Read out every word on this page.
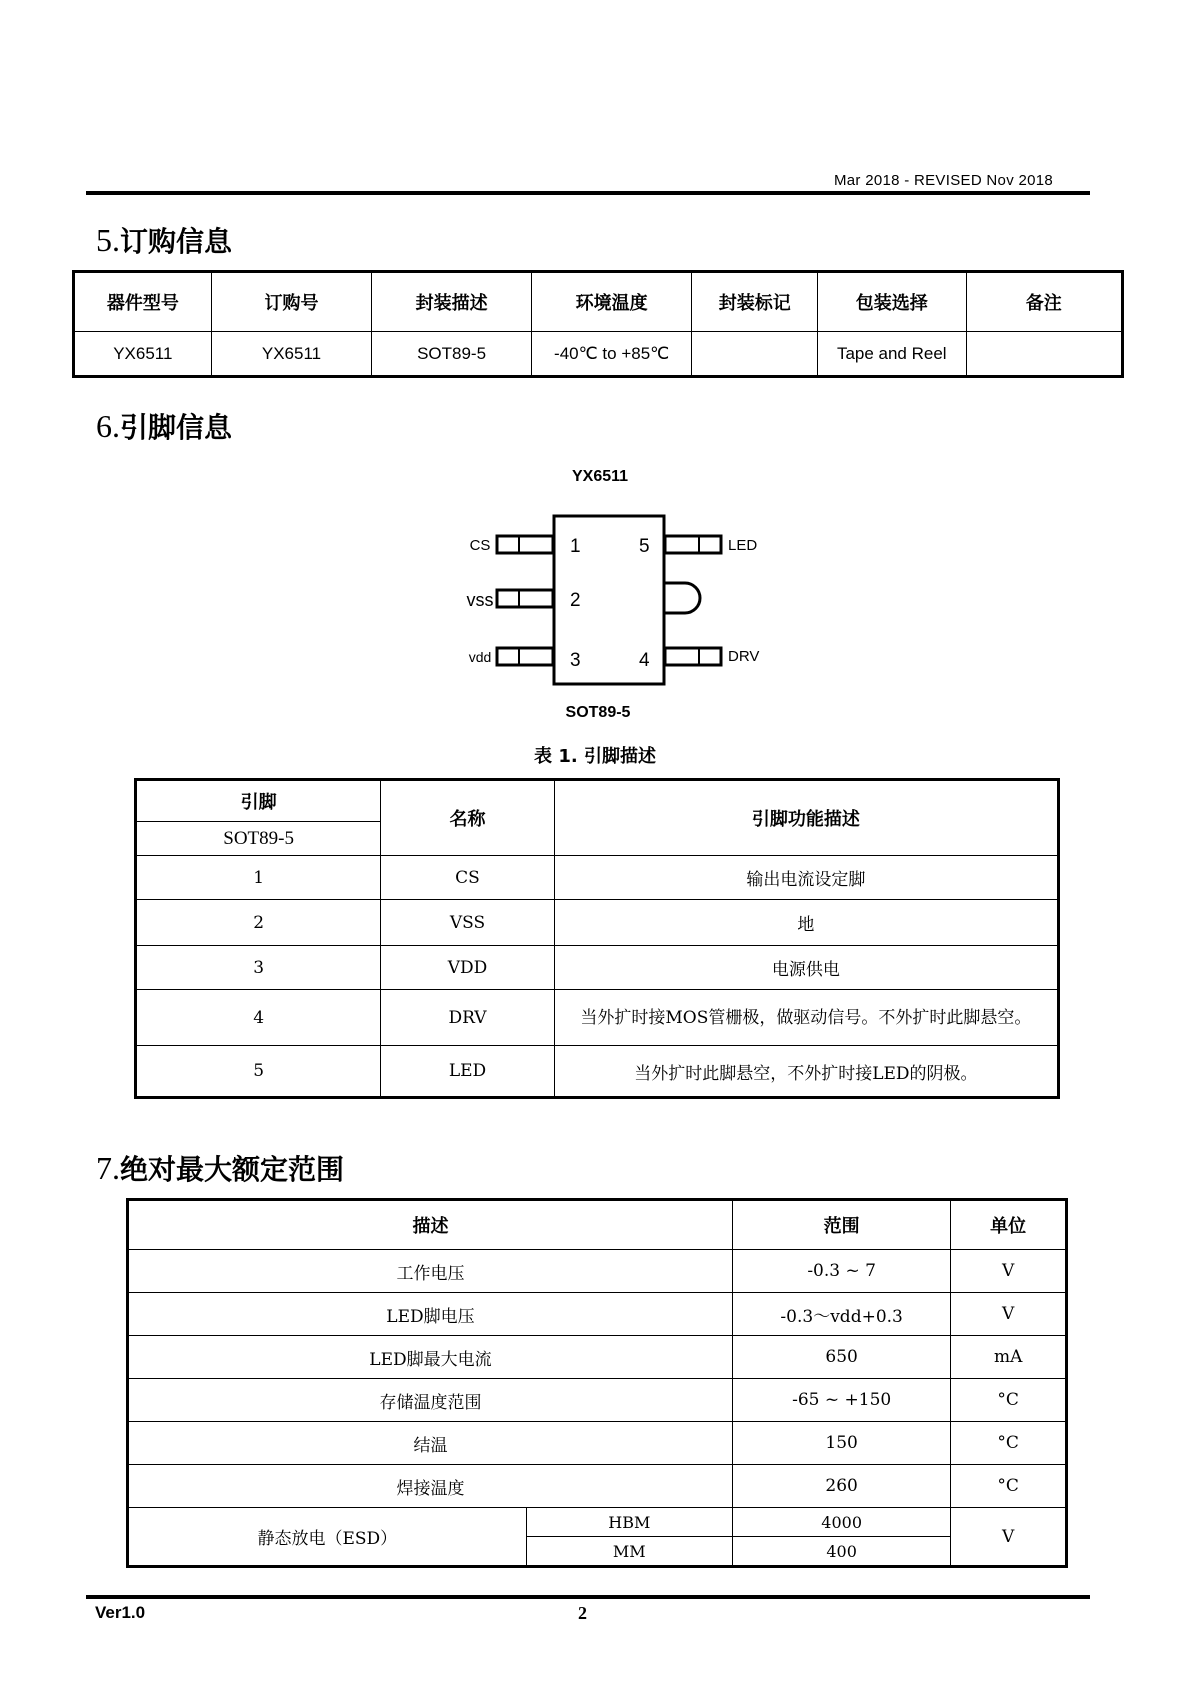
Mar 2018 - REVISED Nov 2018
5.订购信息
器件型号	订购号	封装描述	环境温度	封装标记	包装选择	备注
YX6511	YX6511	SOT89-5	-40℃ to +85℃		Tape and Reel	
6.引脚信息
YX6511
1
2
3
5
4
CS
vss
vdd
LED
DRV
SOT89-5
表 1. 引脚描述
引脚	名称	引脚功能描述
SOT89-5		
1	CS	输出电流设定脚
2	VSS	地
3	VDD	电源供电
4	DRV	当外扩时接MOS管栅极，做驱动信号。不外扩时此脚悬空。
5	LED	当外扩时此脚悬空，不外扩时接LED的阴极。
7.绝对最大额定范围
描述		范围	单位
工作电压		-0.3 ~ 7	V
LED脚电压		-0.3～vdd+0.3	V
LED脚最大电流		650	mA
存储温度范围		-65 ~ +150	°C
结温		150	°C
焊接温度		260	°C
静态放电（ESD）	HBM	4000	V
	MM	400	
Ver1.0	2
